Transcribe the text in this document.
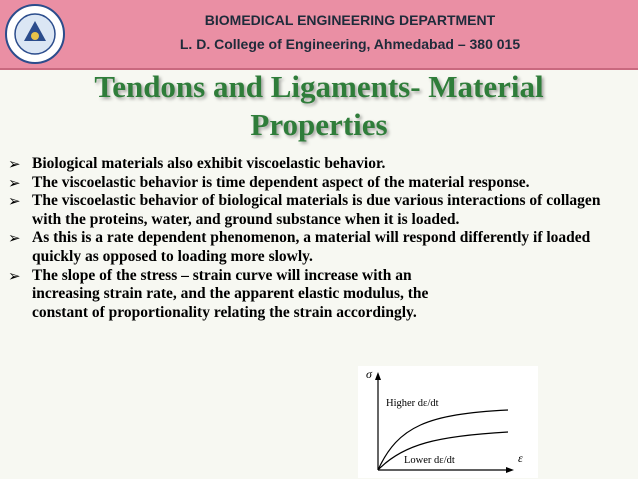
BIOMEDICAL ENGINEERING DEPARTMENT
L. D. College of Engineering, Ahmedabad – 380 015
Tendons and Ligaments- Material
Properties
➢ Biological materials also exhibit viscoelastic behavior.
➢ The viscoelastic behavior is time dependent aspect of the material response.
➢ The viscoelastic behavior of biological materials is due various interactions of collagen with the proteins, water, and ground substance when it is loaded.
➢ As this is a rate dependent phenomenon, a material will respond differently if loaded quickly as opposed to loading more slowly.
➢ The slope of the stress – strain curve will increase with an increasing strain rate, and the apparent elastic modulus, the constant of proportionality relating the strain accordingly.
σ
ε
Higher dε/dt
Lower dε/dt
